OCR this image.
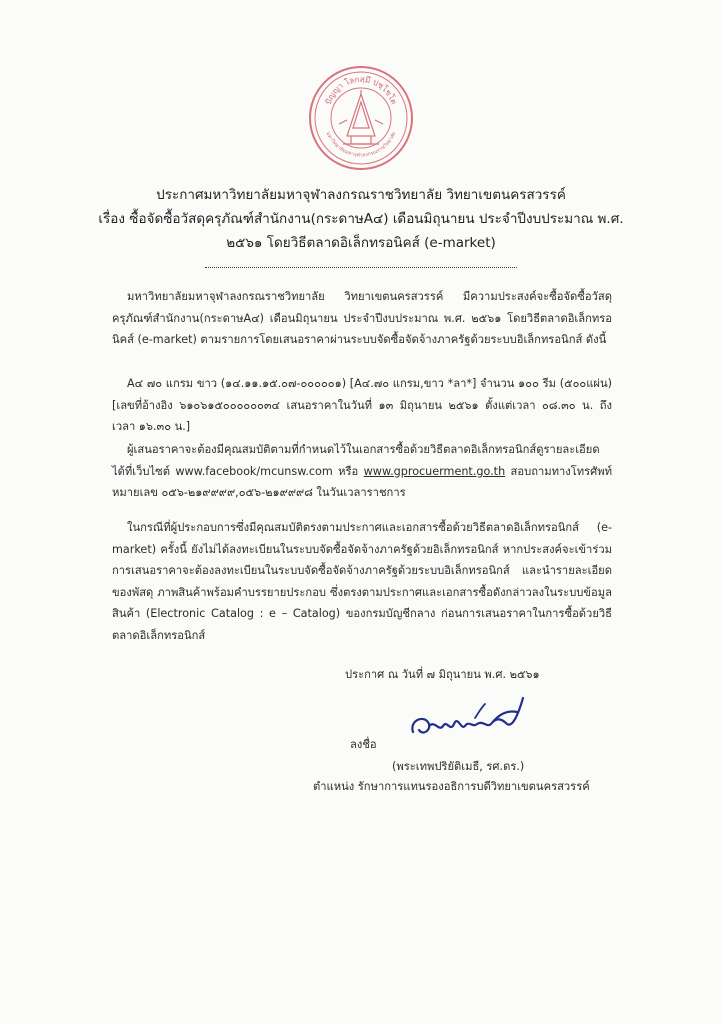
ปัญญา โลกสฺมึ ปชฺโชโต
มหาวิทยาลัยมหาจุฬาลงกรณราชวิทยาลัย
ประกาศมหาวิทยาลัยมหาจุฬาลงกรณราชวิทยาลัย วิทยาเขตนครสวรรค์
เรื่อง ซื้อจัดซื้อวัสดุครุภัณฑ์สำนักงาน(กระดาษA๔) เดือนมิถุนายน ประจำปีงบประมาณ พ.ศ.
๒๕๖๑ โดยวิธีตลาดอิเล็กทรอนิคส์ (e-market)
มหาวิทยาลัยมหาจุฬาลงกรณราชวิทยาลัย วิทยาเขตนครสวรรค์ มีความประสงค์จะซื้อจัดซื้อวัสดุครุภัณฑ์สำนักงาน(กระดาษA๔) เดือนมิถุนายน ประจำปีงบประมาณ พ.ศ. ๒๕๖๑ โดยวิธีตลาดอิเล็กทรอนิคส์ (e-market) ตามรายการโดยเสนอราคาผ่านระบบจัดซื้อจัดจ้างภาครัฐด้วยระบบอิเล็กทรอนิกส์ ดังนี้
A๔ ๗๐ แกรม ขาว (๑๔.๑๑.๑๕.๐๗-๐๐๐๐๐๑) [A๔.๗๐ แกรม,ขาว *ลา*] จำนวน ๑๐๐ รีม (๕๐๐แผ่น) [เลขที่อ้างอิง ๖๑๐๖๑๕๐๐๐๐๐๐๓๔ เสนอราคาในวันที่ ๑๓ มิถุนายน ๒๕๖๑ ตั้งแต่เวลา ๐๘.๓๐ น. ถึง เวลา ๑๖.๓๐ น.]
ผู้เสนอราคาจะต้องมีคุณสมบัติตามที่กำหนดไว้ในเอกสารซื้อด้วยวิธีตลาดอิเล็กทรอนิกส์ดูรายละเอียดได้ที่เว็บไซต์ www.facebook/mcunsw.com หรือ www.gprocuerment.go.th สอบถามทางโทรศัพท์หมายเลข ๐๕๖-๒๑๙๙๙๙,๐๕๖-๒๑๙๙๙๘ ในวันเวลาราชการ
ในกรณีที่ผู้ประกอบการซึ่งมีคุณสมบัติตรงตามประกาศและเอกสารซื้อด้วยวิธีตลาดอิเล็กทรอนิกส์ (e-market) ครั้งนี้ ยังไม่ได้ลงทะเบียนในระบบจัดซื้อจัดจ้างภาครัฐด้วยอิเล็กทรอนิกส์ หากประสงค์จะเข้าร่วมการเสนอราคาจะต้องลงทะเบียนในระบบจัดซื้อจัดจ้างภาครัฐด้วยระบบอิเล็กทรอนิกส์ และนำรายละเอียดของพัสดุ ภาพสินค้าพร้อมคำบรรยายประกอบ ซึ่งตรงตามประกาศและเอกสารซื้อดังกล่าวลงในระบบข้อมูลสินค้า (Electronic Catalog : e – Catalog) ของกรมบัญชีกลาง ก่อนการเสนอราคาในการซื้อด้วยวิธีตลาดอิเล็กทรอนิกส์
ประกาศ ณ วันที่ ๗ มิถุนายน พ.ศ. ๒๕๖๑
ลงชื่อ
(พระเทพปริยัติเมธี, รศ.ดร.)
ตำแหน่ง รักษาการแทนรองอธิการบดีวิทยาเขตนครสวรรค์
